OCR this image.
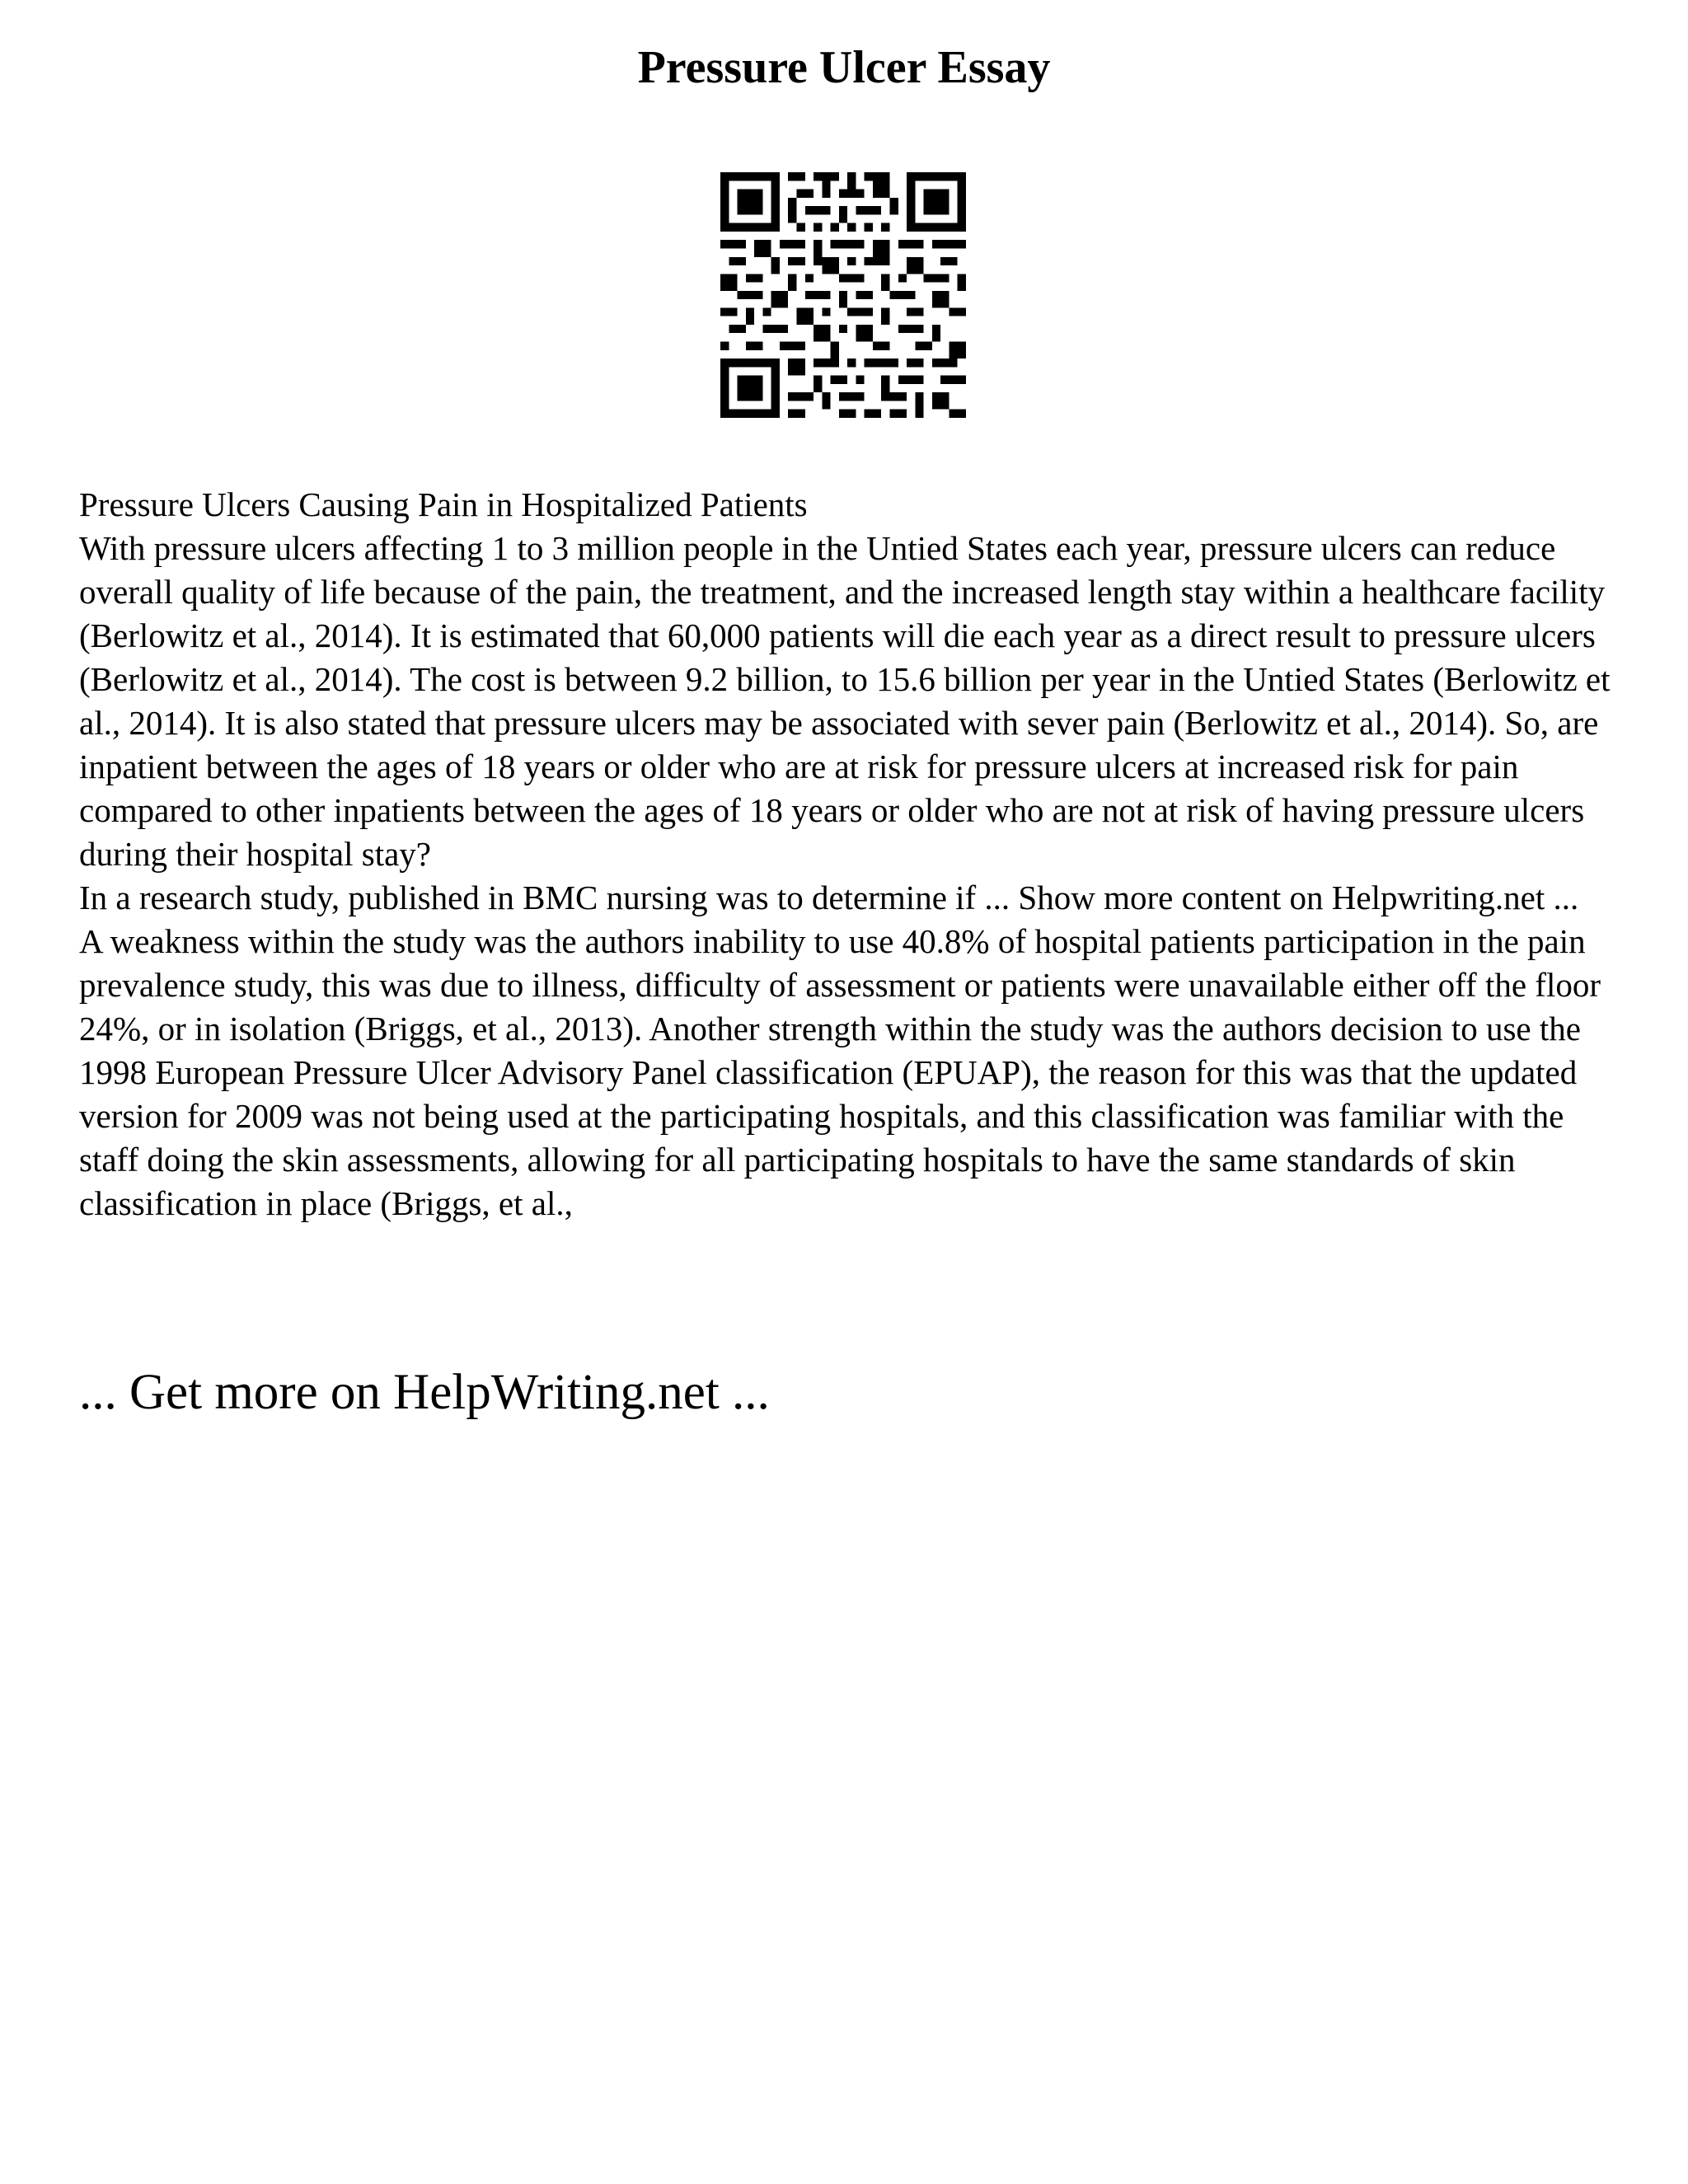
Pressure Ulcer Essay

Pressure Ulcers Causing Pain in Hospitalized Patients

With pressure ulcers affecting 1 to 3 million people in the Untied States each year, pressure ulcers can reduce overall quality of life because of the pain, the treatment, and the increased length stay within a healthcare facility (Berlowitz et al., 2014). It is estimated that 60,000 patients will die each year as a direct result to pressure ulcers (Berlowitz et al., 2014). The cost is between 9.2 billion, to 15.6 billion per year in the Untied States (Berlowitz et al., 2014). It is also stated that pressure ulcers may be associated with sever pain (Berlowitz et al., 2014). So, are inpatient between the ages of 18 years or older who are at risk for pressure ulcers at increased risk for pain compared to other inpatients between the ages of 18 years or older who are not at risk of having pressure ulcers during their hospital stay?

In a research study, published in BMC nursing was to determine if ... Show more content on Helpwriting.net ...

A weakness within the study was the authors inability to use 40.8% of hospital patients participation in the pain prevalence study, this was due to illness, difficulty of assessment or patients were unavailable either off the floor 24%, or in isolation (Briggs, et al., 2013). Another strength within the study was the authors decision to use the 1998 European Pressure Ulcer Advisory Panel classification (EPUAP), the reason for this was that the updated version for 2009 was not being used at the participating hospitals, and this classification was familiar with the staff doing the skin assessments, allowing for all participating hospitals to have the same standards of skin classification in place (Briggs, et al.,

... Get more on HelpWriting.net ...
